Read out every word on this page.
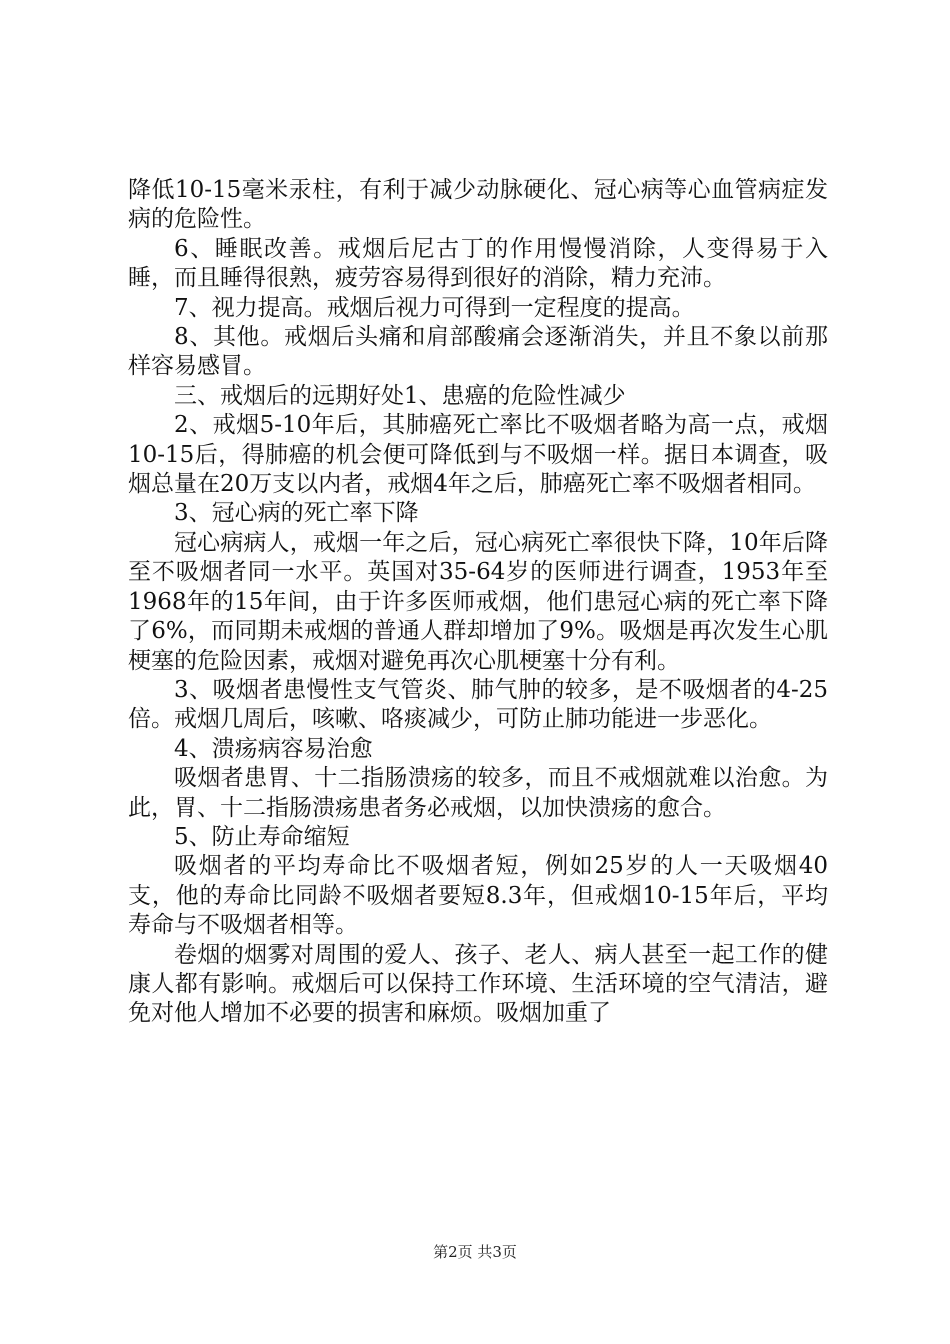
降低10-15毫米汞柱，有利于减少动脉硬化、冠心病等心血管病症发病的危险性。

6、睡眠改善。戒烟后尼古丁的作用慢慢消除，人变得易于入睡，而且睡得很熟，疲劳容易得到很好的消除，精力充沛。

7、视力提高。戒烟后视力可得到一定程度的提高。

8、其他。戒烟后头痛和肩部酸痛会逐渐消失，并且不象以前那样容易感冒。

三、戒烟后的远期好处1、患癌的危险性减少

2、戒烟5-10年后，其肺癌死亡率比不吸烟者略为高一点，戒烟10-15后，得肺癌的机会便可降低到与不吸烟一样。据日本调查，吸烟总量在20万支以内者，戒烟4年之后，肺癌死亡率不吸烟者相同。

3、冠心病的死亡率下降

冠心病病人，戒烟一年之后，冠心病死亡率很快下降，10年后降至不吸烟者同一水平。英国对35-64岁的医师进行调查，1953年至1968年的15年间，由于许多医师戒烟，他们患冠心病的死亡率下降了6%，而同期未戒烟的普通人群却增加了9%。吸烟是再次发生心肌梗塞的危险因素，戒烟对避免再次心肌梗塞十分有利。

3、吸烟者患慢性支气管炎、肺气肿的较多，是不吸烟者的4-25倍。戒烟几周后，咳嗽、咯痰减少，可防止肺功能进一步恶化。

4、溃疡病容易治愈

吸烟者患胃、十二指肠溃疡的较多，而且不戒烟就难以治愈。为此，胃、十二指肠溃疡患者务必戒烟，以加快溃疡的愈合。

5、防止寿命缩短

吸烟者的平均寿命比不吸烟者短，例如25岁的人一天吸烟40支，他的寿命比同龄不吸烟者要短8.3年，但戒烟10-15年后，平均寿命与不吸烟者相等。

卷烟的烟雾对周围的爱人、孩子、老人、病人甚至一起工作的健康人都有影响。戒烟后可以保持工作环境、生活环境的空气清洁，避免对他人增加不必要的损害和麻烦。吸烟加重了

第2页 共3页
